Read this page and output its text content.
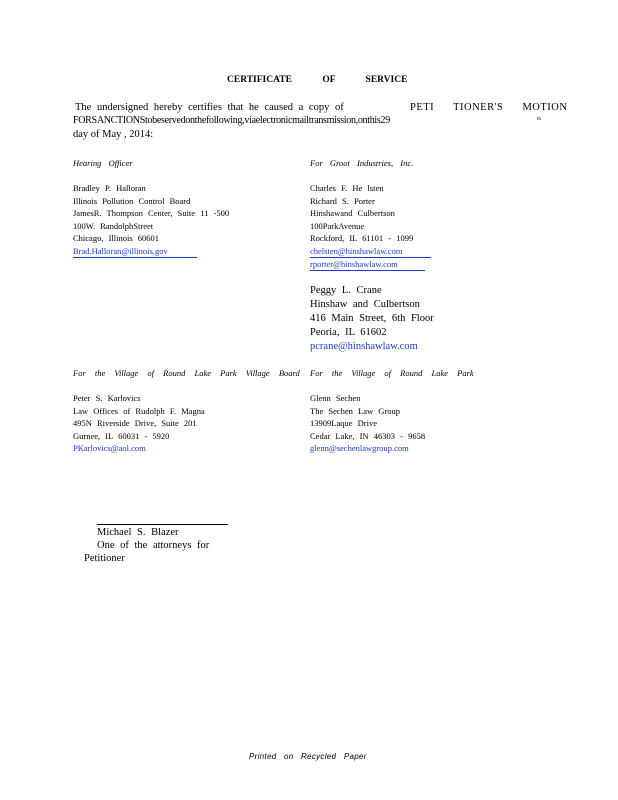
CERTIFICATE OF SERVICE
The undersigned hereby certifies that he caused a copy of	PETI TIONER'S MOTION
FORSANCTIONStobeservedonthefollowing,viaelectronicmailtransmission,onthis29	th
day of May , 2014:
Hearing Officer
Bradley P. Halloran
Illinois Pollution Control Board
JamesR. Thompson Center, Suite 11 -500
100W. RandolphStreet
Chicago, Illinois 60601
Brad.Halloran@illinois.gov
For Groot Industries, Inc.
Charles F. He lsten
Richard S. Porter
Hinshawand Culbertson
100ParkAvenue
Rockford, IL 61101 - 1099
chelsten@hinshawlaw.com
rporter@hinshawlaw.com
Peggy L. Crane
Hinshaw and Culbertson
416 Main Street, 6th Floor
Peoria, IL 61602
pcrane@hinshawlaw.com
For the Village of Round Lake Park Village Board
Peter S. Karlovics
Law Offices of Rudolph F. Magna
495N Riverside Drive, Suite 201
Gurnee, IL 60031 - 5920
PKarlovics@aol.com
For the Village of Round Lake Park
Glenn Sechen
The Sechen Law Group
13909Laque Drive
Cedar Lake, IN 46303 - 9658
glenn@sechenlawgroup.com
Michael S. Blazer
One of the attorneys for
Petitioner
Printed on Recycled Paper
